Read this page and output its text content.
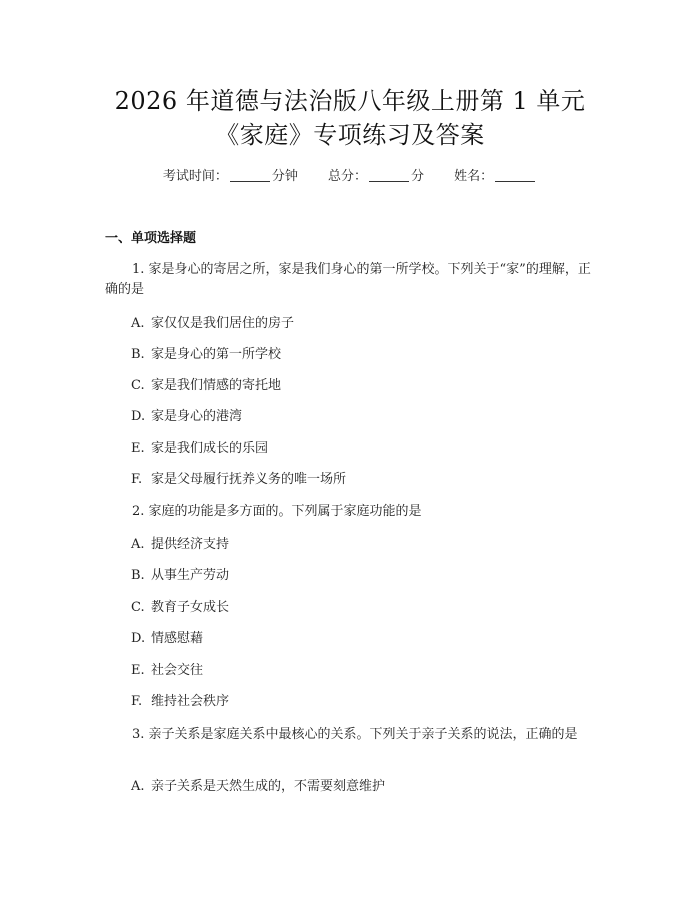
2026 年道德与法治版八年级上册第 1 单元
《家庭》专项练习及答案
考试时间：	分钟 总分：	分 姓名：
一、单项选择题
1. 家是身心的寄居之所，家是我们身心的第一所学校。下列关于“家”的理解，正确的是
A. 家仅仅是我们居住的房子
B. 家是身心的第一所学校
C. 家是我们情感的寄托地
D. 家是身心的港湾
E. 家是我们成长的乐园
F. 家是父母履行抚养义务的唯一场所
2. 家庭的功能是多方面的。下列属于家庭功能的是
A. 提供经济支持
B. 从事生产劳动
C. 教育子女成长
D. 情感慰藉
E. 社会交往
F. 维持社会秩序
3. 亲子关系是家庭关系中最核心的关系。下列关于亲子关系的说法，正确的是
A. 亲子关系是天然生成的，不需要刻意维护
